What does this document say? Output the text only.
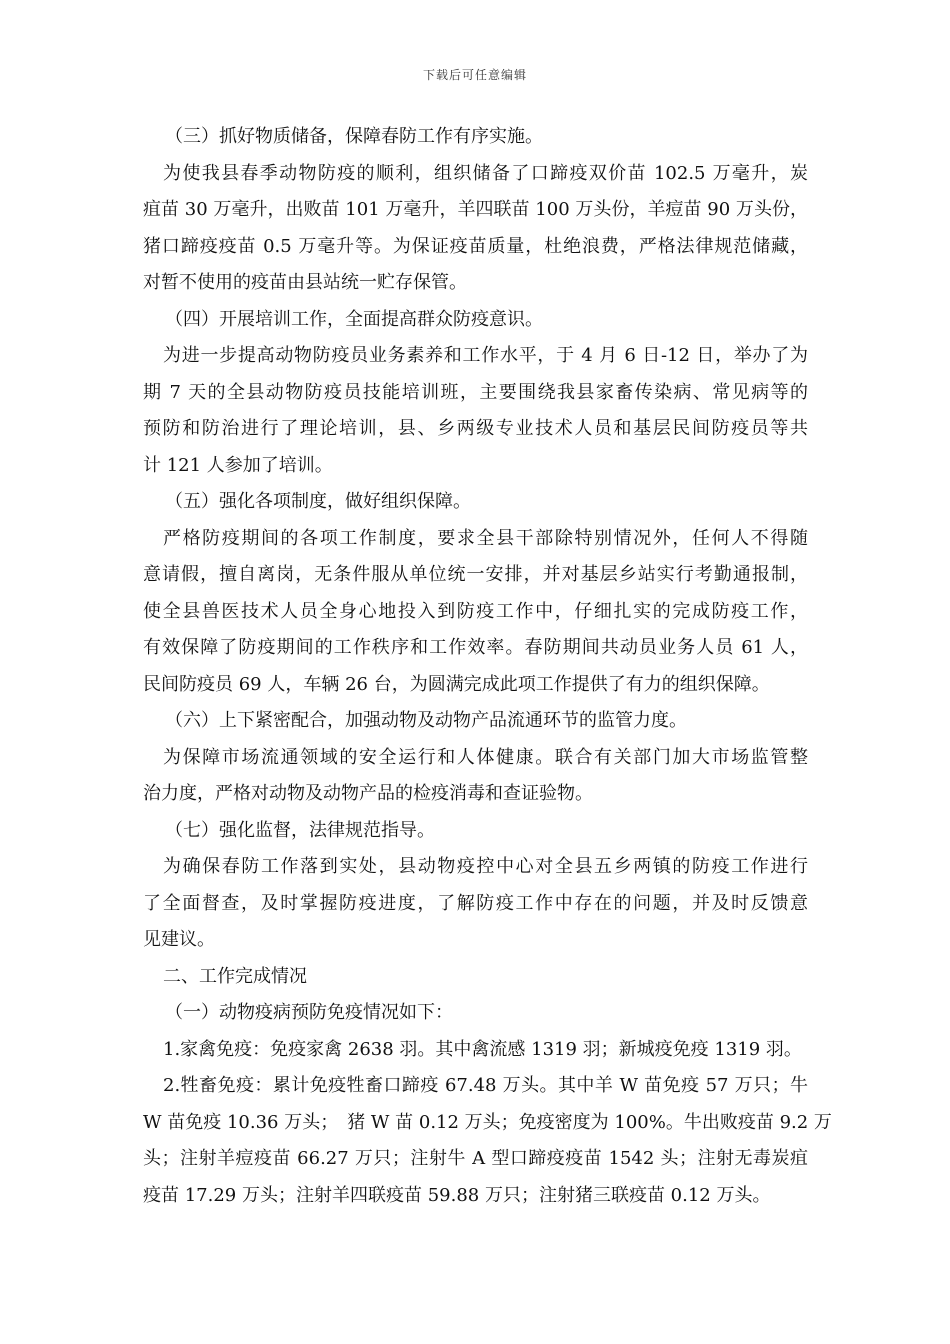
下载后可任意编辑
（三）抓好物质储备，保障春防工作有序实施。
为使我县春季动物防疫的顺利，组织储备了口蹄疫双价苗 102.5 万毫升，炭
疽苗 30 万毫升，出败苗 101 万毫升，羊四联苗 100 万头份，羊痘苗 90 万头份，
猪口蹄疫疫苗 0.5 万毫升等。为保证疫苗质量，杜绝浪费，严格法律规范储藏，
对暂不使用的疫苗由县站统一贮存保管。
（四）开展培训工作，全面提高群众防疫意识。
为进一步提高动物防疫员业务素养和工作水平，于 4 月 6 日-12 日，举办了为
期 7 天的全县动物防疫员技能培训班，主要围绕我县家畜传染病、常见病等的
预防和防治进行了理论培训，县、乡两级专业技术人员和基层民间防疫员等共
计 121 人参加了培训。
（五）强化各项制度，做好组织保障。
严格防疫期间的各项工作制度，要求全县干部除特别情况外，任何人不得随
意请假，擅自离岗，无条件服从单位统一安排，并对基层乡站实行考勤通报制，
使全县兽医技术人员全身心地投入到防疫工作中，仔细扎实的完成防疫工作，
有效保障了防疫期间的工作秩序和工作效率。春防期间共动员业务人员 61 人，
民间防疫员 69 人，车辆 26 台，为圆满完成此项工作提供了有力的组织保障。
（六）上下紧密配合，加强动物及动物产品流通环节的监管力度。
为保障市场流通领域的安全运行和人体健康。联合有关部门加大市场监管整
治力度，严格对动物及动物产品的检疫消毒和查证验物。
（七）强化监督，法律规范指导。
为确保春防工作落到实处，县动物疫控中心对全县五乡两镇的防疫工作进行
了全面督查，及时掌握防疫进度，了解防疫工作中存在的问题，并及时反馈意
见建议。
二、工作完成情况
（一）动物疫病预防免疫情况如下：
1.家禽免疫：免疫家禽 2638 羽。其中禽流感 1319 羽；新城疫免疫 1319 羽。
2.牲畜免疫：累计免疫牲畜口蹄疫 67.48 万头。其中羊 W 苗免疫 57 万只；牛
W 苗免疫 10.36 万头；　猪 W 苗 0.12 万头；免疫密度为 100%。牛出败疫苗 9.2 万
头；注射羊痘疫苗 66.27 万只；注射牛 A 型口蹄疫疫苗 1542 头；注射无毒炭疽
疫苗 17.29 万头；注射羊四联疫苗 59.88 万只；注射猪三联疫苗 0.12 万头。
